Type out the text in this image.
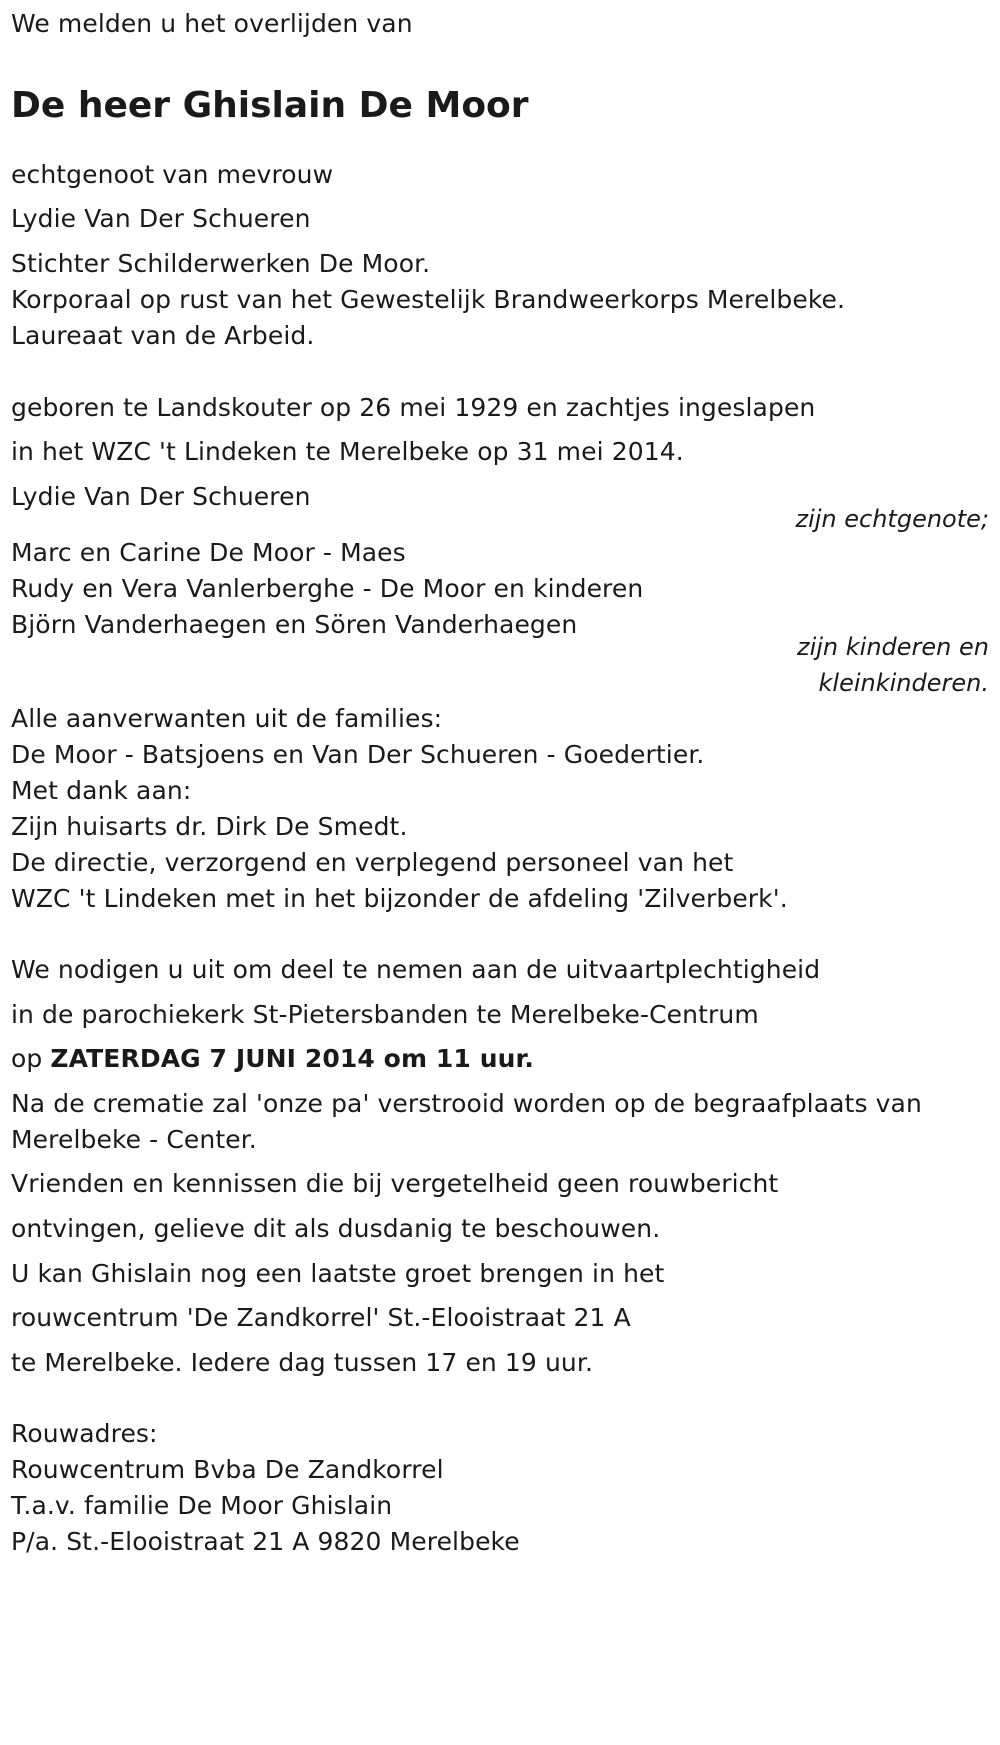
We melden u het overlijden van
De heer Ghislain De Moor
echtgenoot van mevrouw
Lydie Van Der Schueren
Stichter Schilderwerken De Moor.
Korporaal op rust van het Gewestelijk Brandweerkorps Merelbeke.
Laureaat van de Arbeid.
geboren te Landskouter op 26 mei 1929 en zachtjes ingeslapen
in het WZC 't Lindeken te Merelbeke op 31 mei 2014.
Lydie Van Der Schueren
zijn echtgenote;
Marc en Carine De Moor - Maes
Rudy en Vera Vanlerberghe - De Moor en kinderen
Björn Vanderhaegen en Sören Vanderhaegen
zijn kinderen en
kleinkinderen.
Alle aanverwanten uit de families:
De Moor - Batsjoens en Van Der Schueren - Goedertier.
Met dank aan:
Zijn huisarts dr. Dirk De Smedt.
De directie, verzorgend en verplegend personeel van het
WZC 't Lindeken met in het bijzonder de afdeling 'Zilverberk'.
We nodigen u uit om deel te nemen aan de uitvaartplechtigheid
in de parochiekerk St-Pietersbanden te Merelbeke-Centrum
op ZATERDAG 7 JUNI 2014 om 11 uur.
Na de crematie zal 'onze pa' verstrooid worden op de begraafplaats van
Merelbeke - Center.
Vrienden en kennissen die bij vergetelheid geen rouwbericht
ontvingen, gelieve dit als dusdanig te beschouwen.
U kan Ghislain nog een laatste groet brengen in het
rouwcentrum 'De Zandkorrel' St.-Elooistraat 21 A
te Merelbeke. Iedere dag tussen 17 en 19 uur.
Rouwadres:
Rouwcentrum Bvba De Zandkorrel
T.a.v. familie De Moor Ghislain
P/a. St.-Elooistraat 21 A 9820 Merelbeke
